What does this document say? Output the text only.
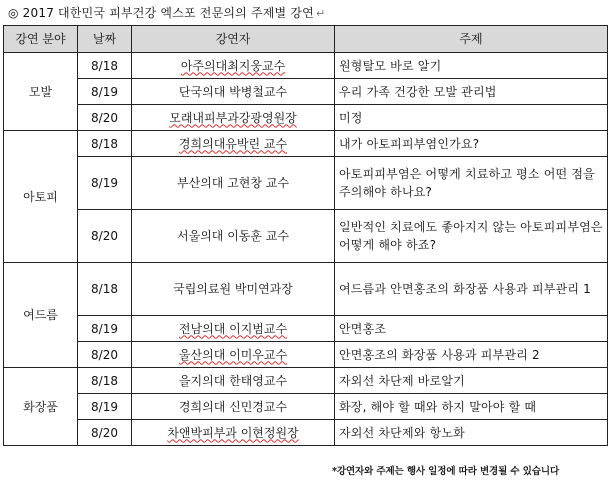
◎ 2017 대한민국 피부건강 엑스포 전문의의 주제별 강연 ↵
강연 분야	날짜	강연자	주제
모발	8/18	아주의대최지웅교수	원형탈모 바로 알기
	8/19	단국의대 박병철교수	우리 가족 건강한 모발 관리법
	8/20	모래내피부과강광영원장	미정
아토피	8/18	경희의대유박린 교수	내가 아토피피부염인가요?
	8/19	부산의대 고현창 교수	아토피피부염은 어떻게 치료하고 평소 어떤 점을 주의해야 하나요?
	8/20	서울의대 이동훈 교수	일반적인 치료에도 좋아지지 않는 아토피피부염은 어떻게 해야 하죠?
여드름	8/18	국립의료원 박미연과장	여드름과 안면홍조의 화장품 사용과 피부관리 1
	8/19	전남의대 이지범교수	안면홍조
	8/20	울산의대 이미우교수	안면홍조의 화장품 사용과 피부관리 2
화장품	8/18	을지의대 한태영교수	자외선 차단제 바로알기
	8/19	경희의대 신민경교수	화장, 해야 할 때와 하지 말아야 할 때
	8/20	차앤박피부과 이현정원장	자외선 차단제와 항노화
*강연자와 주제는 행사 일정에 따라 변경될 수 있습니다
